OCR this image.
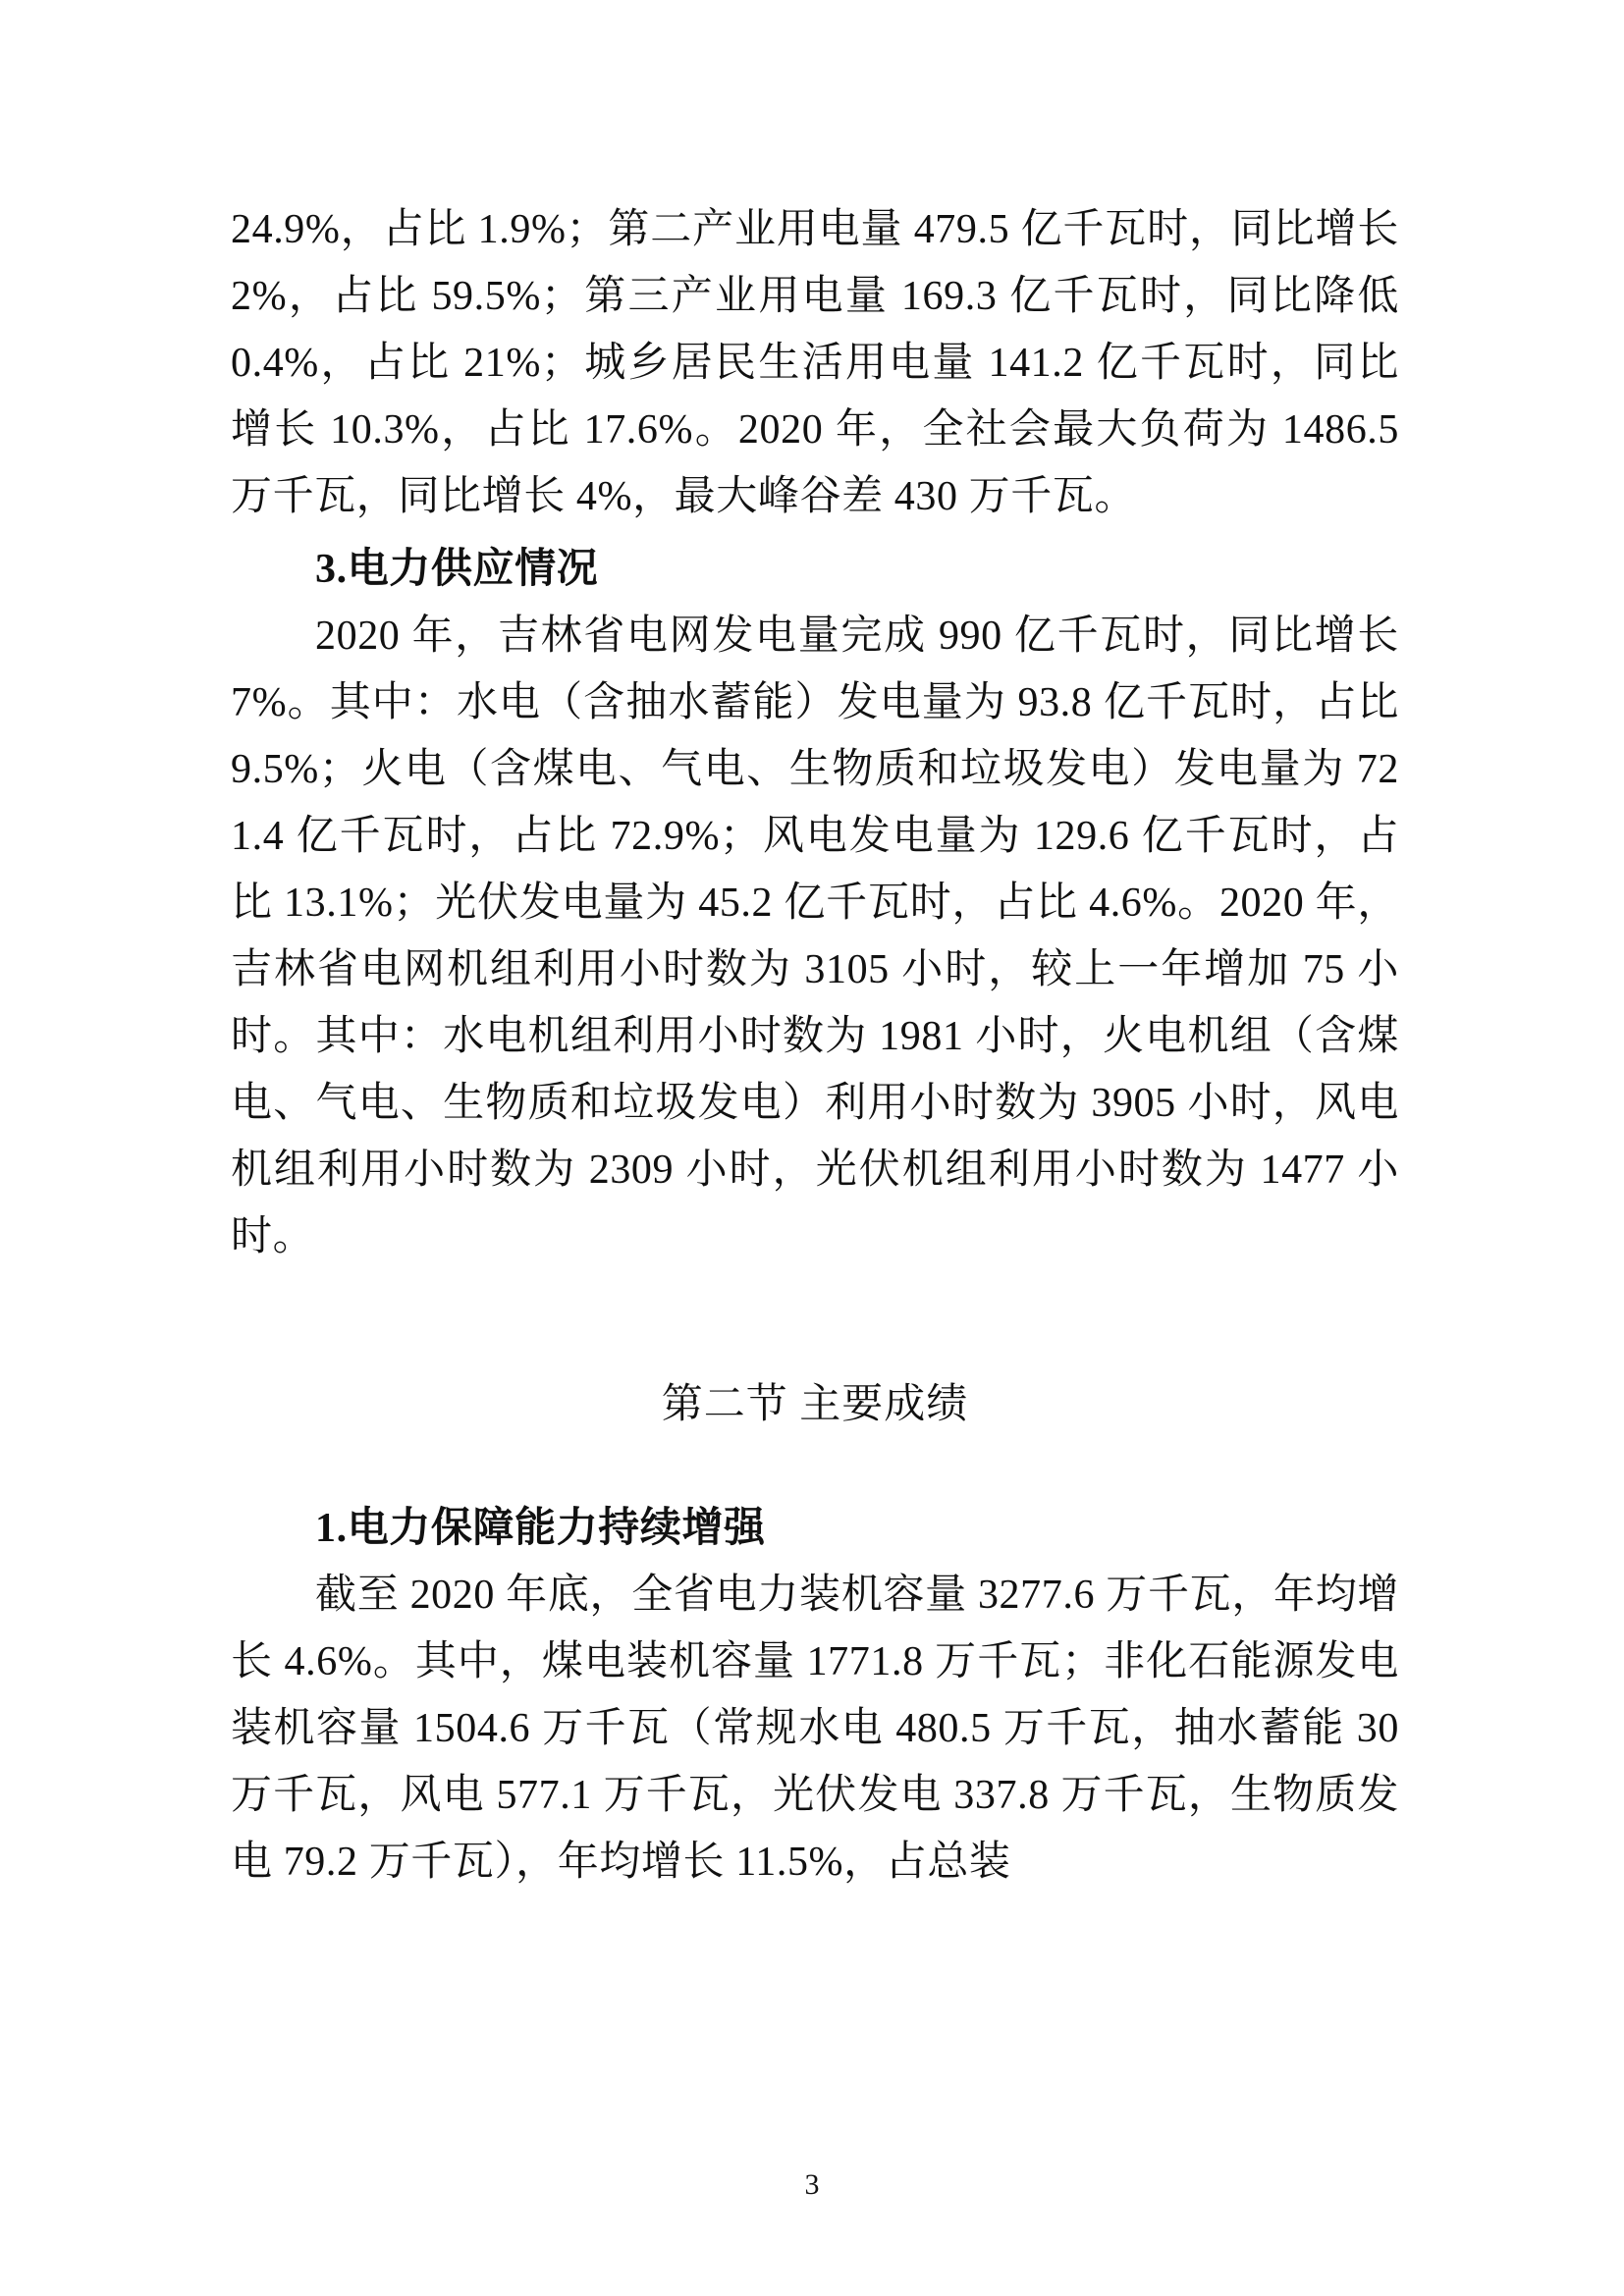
24.9%，占比 1.9%；第二产业用电量 479.5 亿千瓦时，同比增长 2%，占比 59.5%；第三产业用电量 169.3 亿千瓦时，同比降低 0.4%，占比 21%；城乡居民生活用电量 141.2 亿千瓦时，同比增长 10.3%，占比 17.6%。2020 年，全社会最大负荷为 1486.5 万千瓦，同比增长 4%，最大峰谷差 430 万千瓦。

3.电力供应情况

2020 年，吉林省电网发电量完成 990 亿千瓦时，同比增长 7%。其中：水电（含抽水蓄能）发电量为 93.8 亿千瓦时，占比 9.5%；火电（含煤电、气电、生物质和垃圾发电）发电量为 721.4 亿千瓦时，占比 72.9%；风电发电量为 129.6 亿千瓦时，占比 13.1%；光伏发电量为 45.2 亿千瓦时，占比 4.6%。2020 年，吉林省电网机组利用小时数为 3105 小时，较上一年增加 75 小时。其中：水电机组利用小时数为 1981 小时，火电机组（含煤电、气电、生物质和垃圾发电）利用小时数为 3905 小时，风电机组利用小时数为 2309 小时，光伏机组利用小时数为 1477 小时。

第二节 主要成绩

1.电力保障能力持续增强

截至 2020 年底，全省电力装机容量 3277.6 万千瓦，年均增长 4.6%。其中，煤电装机容量 1771.8 万千瓦；非化石能源发电装机容量 1504.6 万千瓦（常规水电 480.5 万千瓦，抽水蓄能 30 万千瓦，风电 577.1 万千瓦，光伏发电 337.8 万千瓦，生物质发电 79.2 万千瓦），年均增长 11.5%，占总装

3
